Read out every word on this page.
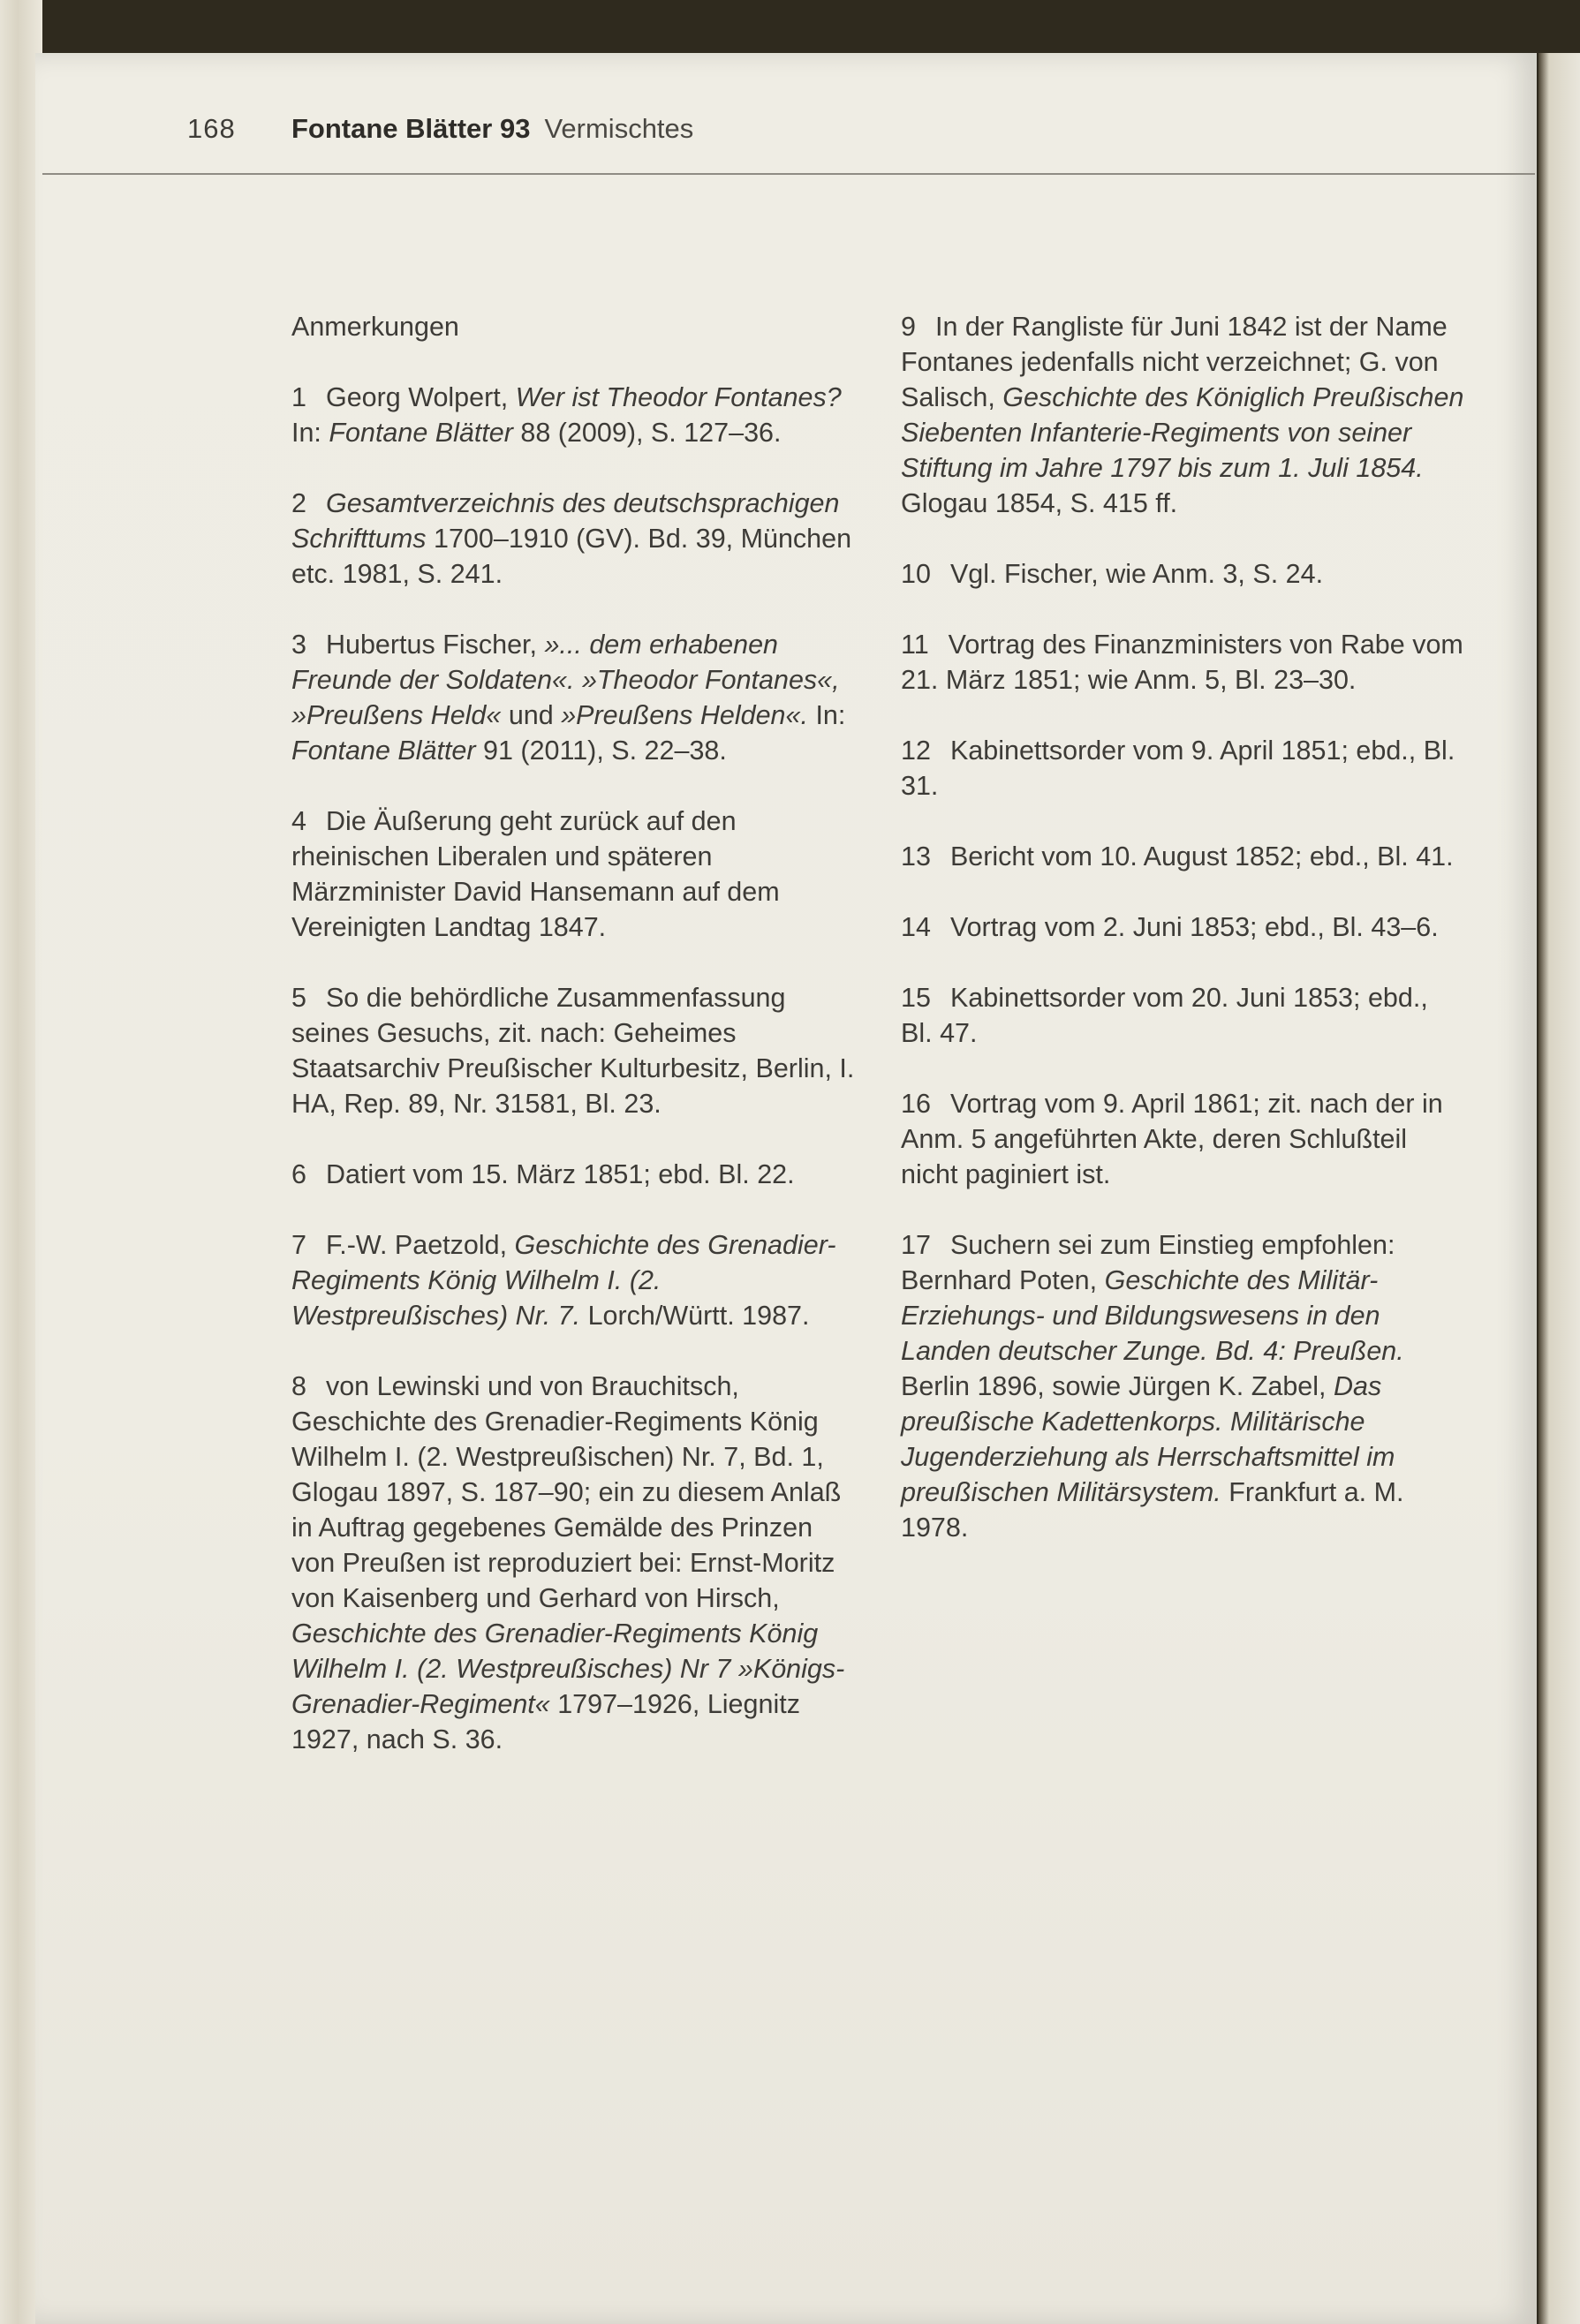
168 Fontane Blätter 93 Vermischtes
Anmerkungen
1 Georg Wolpert, Wer ist Theodor Fontanes? In: Fontane Blätter 88 (2009), S. 127–36.
2 Gesamtverzeichnis des deutschsprachigen Schrifttums 1700–1910 (GV). Bd. 39, München etc. 1981, S. 241.
3 Hubertus Fischer, »... dem erhabenen Freunde der Soldaten«. »Theodor Fontanes«, »Preußens Held« und »Preußens Helden«. In: Fontane Blätter 91 (2011), S. 22–38.
4 Die Äußerung geht zurück auf den rheinischen Liberalen und späteren Märzminister David Hansemann auf dem Vereinigten Landtag 1847.
5 So die behördliche Zusammenfassung seines Gesuchs, zit. nach: Geheimes Staatsarchiv Preußischer Kulturbesitz, Berlin, I. HA, Rep. 89, Nr. 31581, Bl. 23.
6 Datiert vom 15. März 1851; ebd. Bl. 22.
7 F.-W. Paetzold, Geschichte des Grenadier-Regiments König Wilhelm I. (2. Westpreußisches) Nr. 7. Lorch/Württ. 1987.
8 von Lewinski und von Brauchitsch, Geschichte des Grenadier-Regiments König Wilhelm I. (2. Westpreußischen) Nr. 7, Bd. 1, Glogau 1897, S. 187–90; ein zu diesem Anlaß in Auftrag gegebenes Gemälde des Prinzen von Preußen ist reproduziert bei: Ernst-Moritz von Kaisenberg und Gerhard von Hirsch, Geschichte des Grenadier-Regiments König Wilhelm I. (2. Westpreußisches) Nr 7 »Königs-Grenadier-Regiment« 1797–1926, Liegnitz 1927, nach S. 36.
9 In der Rangliste für Juni 1842 ist der Name Fontanes jedenfalls nicht verzeichnet; G. von Salisch, Geschichte des Königlich Preußischen Siebenten Infanterie-Regiments von seiner Stiftung im Jahre 1797 bis zum 1. Juli 1854. Glogau 1854, S. 415 ff.
10 Vgl. Fischer, wie Anm. 3, S. 24.
11 Vortrag des Finanzministers von Rabe vom 21. März 1851; wie Anm. 5, Bl. 23–30.
12 Kabinettsorder vom 9. April 1851; ebd., Bl. 31.
13 Bericht vom 10. August 1852; ebd., Bl. 41.
14 Vortrag vom 2. Juni 1853; ebd., Bl. 43–6.
15 Kabinettsorder vom 20. Juni 1853; ebd., Bl. 47.
16 Vortrag vom 9. April 1861; zit. nach der in Anm. 5 angeführten Akte, deren Schlußteil nicht paginiert ist.
17 Suchern sei zum Einstieg empfohlen: Bernhard Poten, Geschichte des Militär-Erziehungs- und Bildungswesens in den Landen deutscher Zunge. Bd. 4: Preußen. Berlin 1896, sowie Jürgen K. Zabel, Das preußische Kadettenkorps. Militärische Jugenderziehung als Herrschaftsmittel im preußischen Militärsystem. Frankfurt a. M. 1978.
